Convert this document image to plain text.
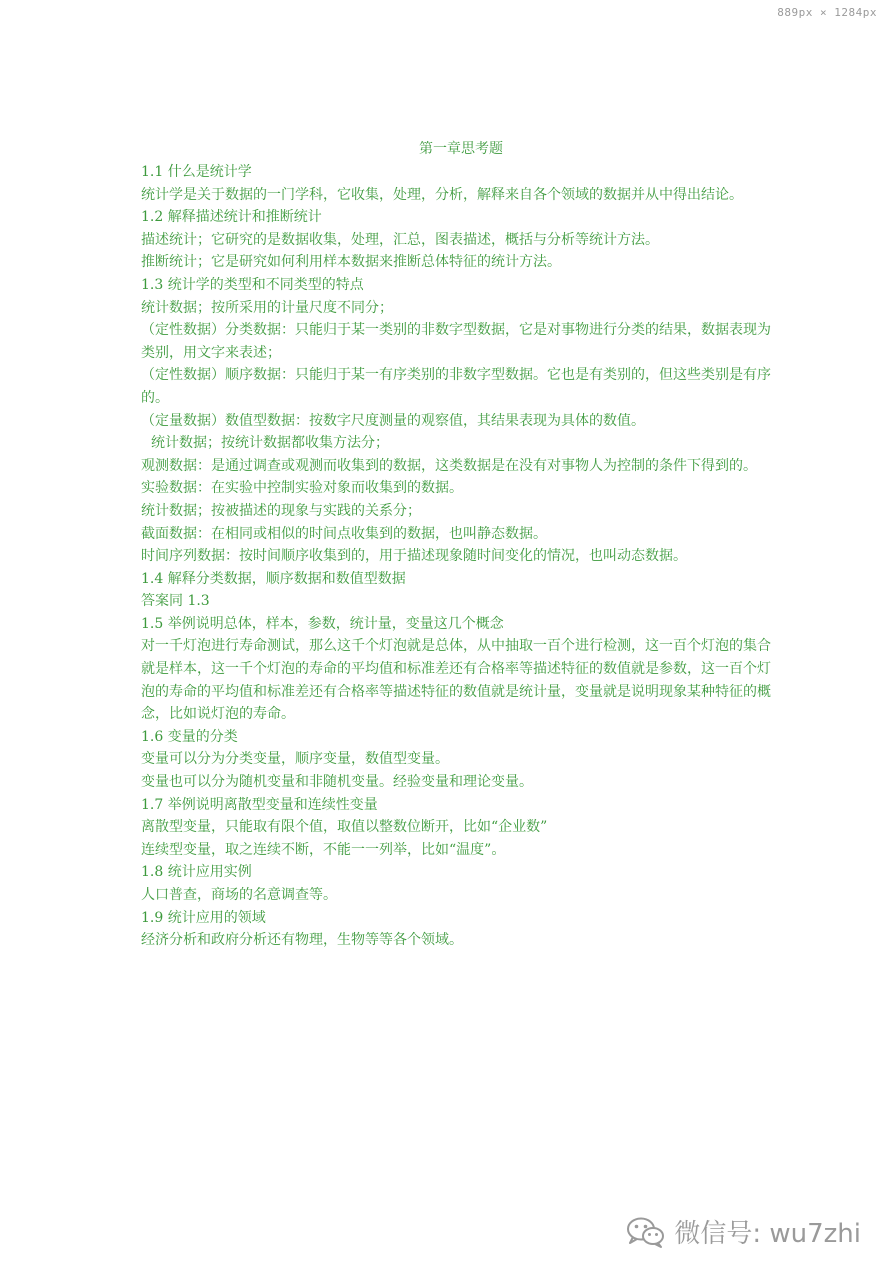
889px × 1284px
第一章思考题

1.1 什么是统计学

统计学是关于数据的一门学科，它收集，处理，分析，解释来自各个领域的数据并从中得出结论。

1.2 解释描述统计和推断统计

描述统计；它研究的是数据收集，处理，汇总，图表描述，概括与分析等统计方法。

推断统计；它是研究如何利用样本数据来推断总体特征的统计方法。

1.3 统计学的类型和不同类型的特点

统计数据；按所采用的计量尺度不同分；

（定性数据）分类数据：只能归于某一类别的非数字型数据，它是对事物进行分类的结果，数据表现为类别，用文字来表述；

（定性数据）顺序数据：只能归于某一有序类别的非数字型数据。它也是有类别的，但这些类别是有序的。

（定量数据）数值型数据：按数字尺度测量的观察值，其结果表现为具体的数值。

统计数据；按统计数据都收集方法分；

观测数据：是通过调查或观测而收集到的数据，这类数据是在没有对事物人为控制的条件下得到的。

实验数据：在实验中控制实验对象而收集到的数据。

统计数据；按被描述的现象与实践的关系分；

截面数据：在相同或相似的时间点收集到的数据，也叫静态数据。

时间序列数据：按时间顺序收集到的，用于描述现象随时间变化的情况，也叫动态数据。

1.4 解释分类数据，顺序数据和数值型数据

答案同 1.3

1.5 举例说明总体，样本，参数，统计量，变量这几个概念

对一千灯泡进行寿命测试，那么这千个灯泡就是总体，从中抽取一百个进行检测，这一百个灯泡的集合就是样本，这一千个灯泡的寿命的平均值和标准差还有合格率等描述特征的数值就是参数，这一百个灯泡的寿命的平均值和标准差还有合格率等描述特征的数值就是统计量，变量就是说明现象某种特征的概念，比如说灯泡的寿命。

1.6 变量的分类

变量可以分为分类变量，顺序变量，数值型变量。

变量也可以分为随机变量和非随机变量。经验变量和理论变量。

1.7 举例说明离散型变量和连续性变量

离散型变量，只能取有限个值，取值以整数位断开，比如“企业数”

连续型变量，取之连续不断，不能一一列举，比如“温度”。

1.8 统计应用实例

人口普查，商场的名意调查等。

1.9 统计应用的领域

经济分析和政府分析还有物理，生物等等各个领域。

微信号: wu7zhi
